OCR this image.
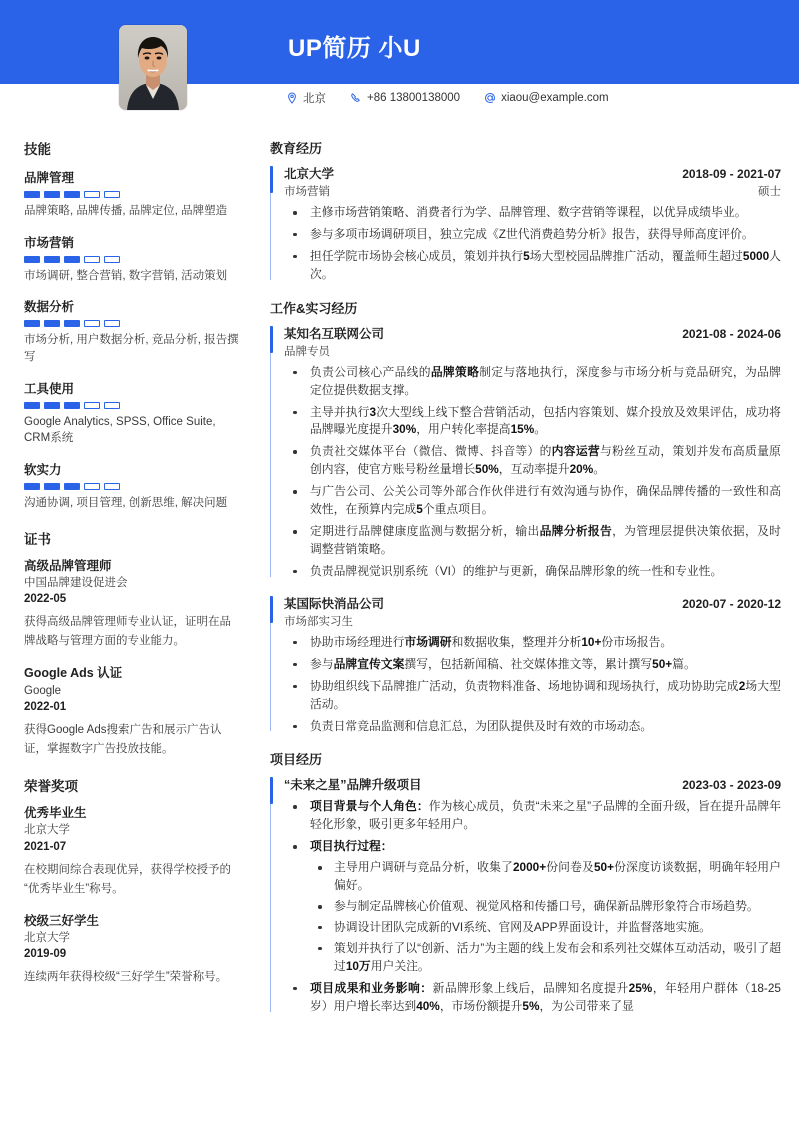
UP简历 小U
北京	+86 13800138000	xiaou@example.com
技能
品牌管理
品牌策略, 品牌传播, 品牌定位, 品牌塑造
市场营销
市场调研, 整合营销, 数字营销, 活动策划
数据分析
市场分析, 用户数据分析, 竞品分析, 报告撰写
工具使用
Google Analytics, SPSS, Office Suite, CRM系统
软实力
沟通协调, 项目管理, 创新思维, 解决问题
证书
高级品牌管理师
中国品牌建设促进会
2022-05
获得高级品牌管理师专业认证，证明在品牌战略与管理方面的专业能力。
Google Ads 认证
Google
2022-01
获得Google Ads搜索广告和展示广告认证，掌握数字广告投放技能。
荣誉奖项
优秀毕业生
北京大学
2021-07
在校期间综合表现优异，获得学校授予的“优秀毕业生”称号。
校级三好学生
北京大学
2019-09
连续两年获得校级“三好学生”荣誉称号。
教育经历
北京大学	2018-09 - 2021-07
市场营销	硕士
主修市场营销策略、消费者行为学、品牌管理、数字营销等课程，以优异成绩毕业。
参与多项市场调研项目，独立完成《Z世代消费趋势分析》报告，获得导师高度评价。
担任学院市场协会核心成员，策划并执行5场大型校园品牌推广活动，覆盖师生超过5000人次。
工作&实习经历
某知名互联网公司	2021-08 - 2024-06
品牌专员
负责公司核心产品线的品牌策略制定与落地执行，深度参与市场分析与竞品研究，为品牌定位提供数据支撑。
主导并执行3次大型线上线下整合营销活动，包括内容策划、媒介投放及效果评估，成功将品牌曝光度提升30%，用户转化率提高15%。
负责社交媒体平台（微信、微博、抖音等）的内容运营与粉丝互动，策划并发布高质量原创内容，使官方账号粉丝量增长50%，互动率提升20%。
与广告公司、公关公司等外部合作伙伴进行有效沟通与协作，确保品牌传播的一致性和高效性，在预算内完成5个重点项目。
定期进行品牌健康度监测与数据分析，输出品牌分析报告，为管理层提供决策依据，及时调整营销策略。
负责品牌视觉识别系统（VI）的维护与更新，确保品牌形象的统一性和专业性。
某国际快消品公司	2020-07 - 2020-12
市场部实习生
协助市场经理进行市场调研和数据收集，整理并分析10+份市场报告。
参与品牌宣传文案撰写，包括新闻稿、社交媒体推文等，累计撰写50+篇。
协助组织线下品牌推广活动，负责物料准备、场地协调和现场执行，成功协助完成2场大型活动。
负责日常竞品监测和信息汇总，为团队提供及时有效的市场动态。
项目经历
“未来之星”品牌升级项目	2023-03 - 2023-09
项目背景与个人角色：作为核心成员，负责“未来之星”子品牌的全面升级，旨在提升品牌年轻化形象，吸引更多年轻用户。
项目执行过程：
主导用户调研与竞品分析，收集了2000+份问卷及50+份深度访谈数据，明确年轻用户偏好。
参与制定品牌核心价值观、视觉风格和传播口号，确保新品牌形象符合市场趋势。
协调设计团队完成新的VI系统、官网及APP界面设计，并监督落地实施。
策划并执行了以“创新、活力”为主题的线上发布会和系列社交媒体互动活动，吸引了超过10万用户关注。
项目成果和业务影响：新品牌形象上线后，品牌知名度提升25%，年轻用户群体（18-25岁）用户增长率达到40%，市场份额提升5%，为公司带来了显
